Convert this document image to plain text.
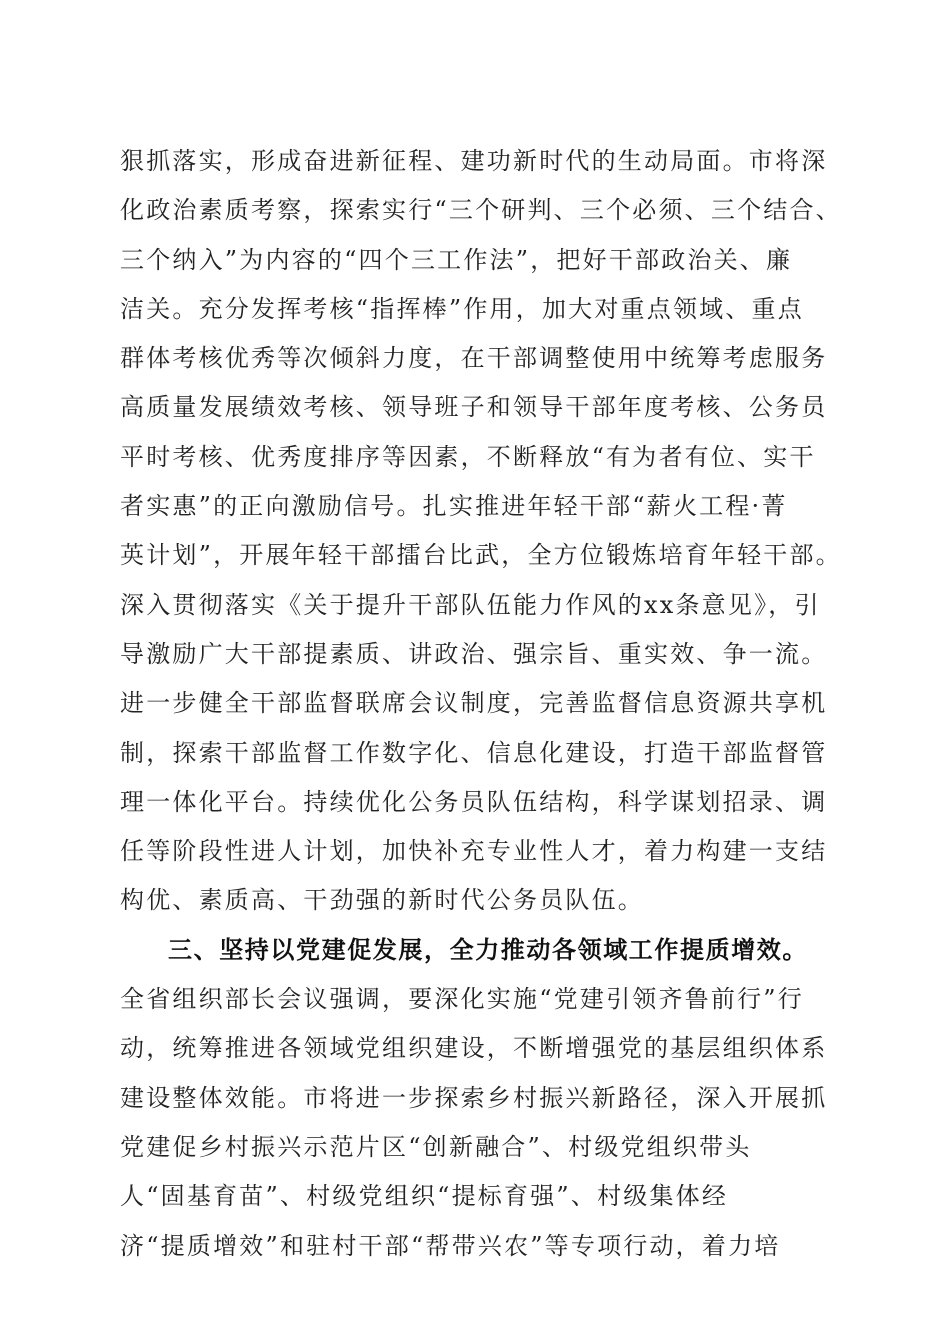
狠抓落实，形成奋进新征程、建功新时代的生动局面。市将深
化政治素质考察，探索实行“三个研判、三个必须、三个结合、
三个纳入”为内容的“四个三工作法”，把好干部政治关、廉
洁关。充分发挥考核“指挥棒”作用，加大对重点领域、重点
群体考核优秀等次倾斜力度，在干部调整使用中统筹考虑服务
高质量发展绩效考核、领导班子和领导干部年度考核、公务员
平时考核、优秀度排序等因素，不断释放“有为者有位、实干
者实惠”的正向激励信号。扎实推进年轻干部“薪火工程·菁
英计划”，开展年轻干部擂台比武，全方位锻炼培育年轻干部。
深入贯彻落实《关于提升干部队伍能力作风的xx条意见》，引
导激励广大干部提素质、讲政治、强宗旨、重实效、争一流。
进一步健全干部监督联席会议制度，完善监督信息资源共享机
制，探索干部监督工作数字化、信息化建设，打造干部监督管
理一体化平台。持续优化公务员队伍结构，科学谋划招录、调
任等阶段性进人计划，加快补充专业性人才，着力构建一支结
构优、素质高、干劲强的新时代公务员队伍。
三、坚持以党建促发展，全力推动各领域工作提质增效。
全省组织部长会议强调，要深化实施“党建引领齐鲁前行”行
动，统筹推进各领域党组织建设，不断增强党的基层组织体系
建设整体效能。市将进一步探索乡村振兴新路径，深入开展抓
党建促乡村振兴示范片区“创新融合”、村级党组织带头
人“固基育苗”、村级党组织“提标育强”、村级集体经
济“提质增效”和驻村干部“帮带兴农”等专项行动，着力培
